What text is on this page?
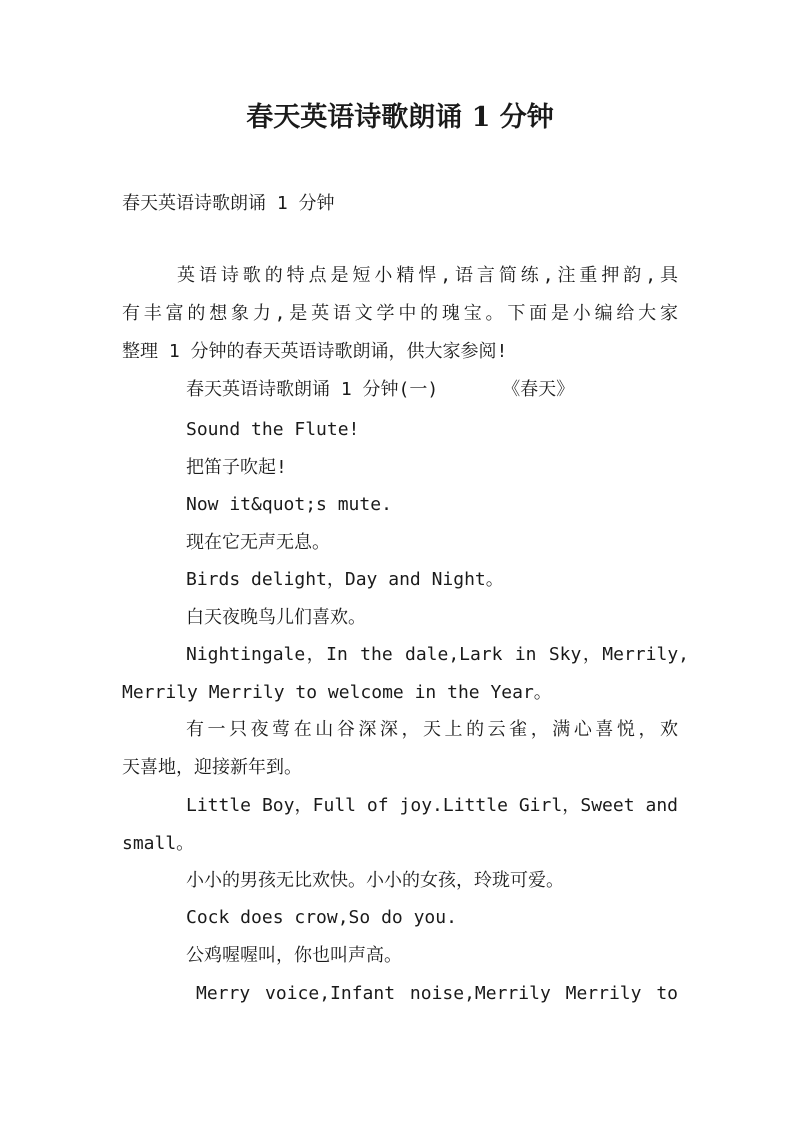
春天英语诗歌朗诵 1 分钟
春天英语诗歌朗诵 1 分钟
英语诗歌的特点是短小精悍,语言简练,注重押韵,具
有丰富的想象力,是英语文学中的瑰宝。下面是小编给大家
整理 1 分钟的春天英语诗歌朗诵，供大家参阅!
春天英语诗歌朗诵 1 分钟(一)	《春天》
Sound the Flute!
把笛子吹起!
Now it&quot;s mute.
现在它无声无息。
Birds delight，Day and Night。
白天夜晚鸟儿们喜欢。
Nightingale，In the dale,Lark in Sky，Merrily,
Merrily Merrily to welcome in the Year。
有一只夜莺在山谷深深，天上的云雀，满心喜悦，欢
天喜地，迎接新年到。
Little Boy，Full of joy.Little Girl，Sweet and
small。
小小的男孩无比欢快。小小的女孩，玲珑可爱。
Cock does crow,So do you.
公鸡喔喔叫，你也叫声高。
Merry voice,Infant noise,Merrily Merrily to
